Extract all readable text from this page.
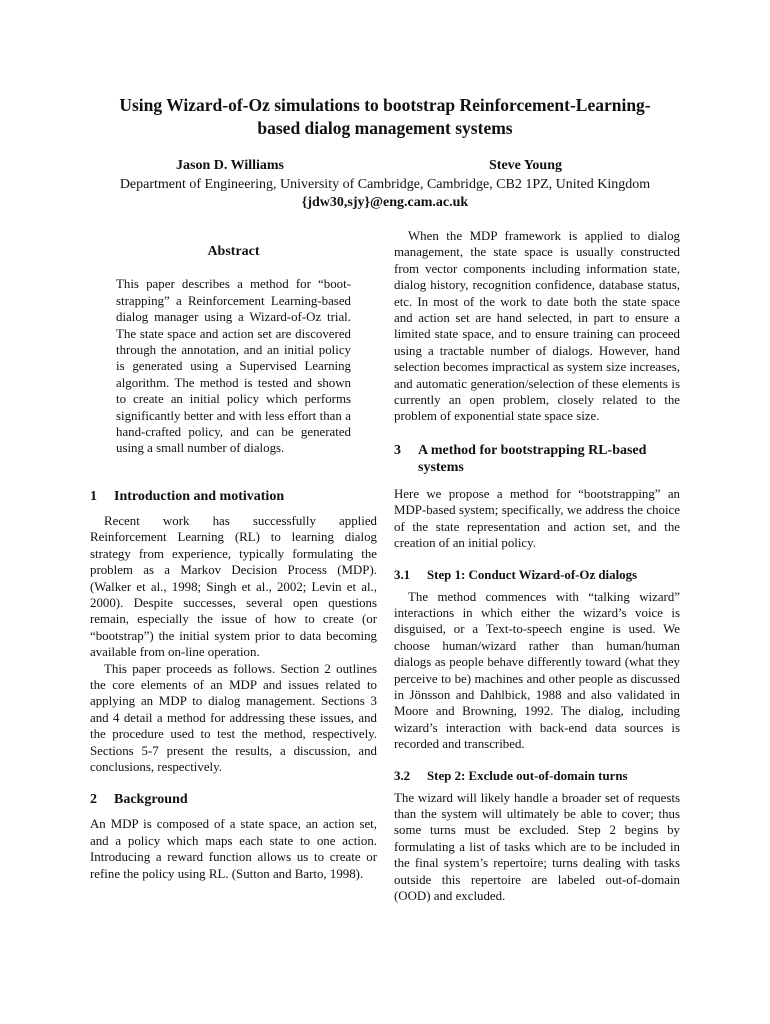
Using Wizard-of-Oz simulations to bootstrap Reinforcement-Learning-
based dialog management systems
Jason D. Williams	Steve Young
Department of Engineering, University of Cambridge, Cambridge, CB2 1PZ, United Kingdom
{jdw30,sjy}@eng.cam.ac.uk

Abstract

This paper describes a method for “boot-strapping” a Reinforcement Learning-based dialog manager using a Wizard-of-Oz trial. The state space and action set are discovered through the annotation, and an initial policy is generated using a Supervised Learning algorithm. The method is tested and shown to create an initial policy which performs significantly better and with less effort than a hand-crafted policy, and can be generated using a small number of dialogs.

1 Introduction and motivation

Recent work has successfully applied Reinforcement Learning (RL) to learning dialog strategy from experience, typically formulating the problem as a Markov Decision Process (MDP). (Walker et al., 1998; Singh et al., 2002; Levin et al., 2000). Despite successes, several open questions remain, especially the issue of how to create (or “bootstrap”) the initial system prior to data becoming available from on-line operation.

This paper proceeds as follows. Section 2 outlines the core elements of an MDP and issues related to applying an MDP to dialog management. Sections 3 and 4 detail a method for addressing these issues, and the procedure used to test the method, respectively. Sections 5-7 present the results, a discussion, and conclusions, respectively.

2 Background

An MDP is composed of a state space, an action set, and a policy which maps each state to one action. Introducing a reward function allows us to create or refine the policy using RL. (Sutton and Barto, 1998).

When the MDP framework is applied to dialog management, the state space is usually constructed from vector components including information state, dialog history, recognition confidence, database status, etc. In most of the work to date both the state space and action set are hand selected, in part to ensure a limited state space, and to ensure training can proceed using a tractable number of dialogs. However, hand selection becomes impractical as system size increases, and automatic generation/selection of these elements is currently an open problem, closely related to the problem of exponential state space size.

3 A method for bootstrapping RL-based systems

Here we propose a method for “bootstrapping” an MDP-based system; specifically, we address the choice of the state representation and action set, and the creation of an initial policy.

3.1 Step 1: Conduct Wizard-of-Oz dialogs

The method commences with “talking wizard” interactions in which either the wizard’s voice is disguised, or a Text-to-speech engine is used. We choose human/wizard rather than human/human dialogs as people behave differently toward (what they perceive to be) machines and other people as discussed in Jönsson and Dahlbick, 1988 and also validated in Moore and Browning, 1992. The dialog, including wizard’s interaction with back-end data sources is recorded and transcribed.

3.2 Step 2: Exclude out-of-domain turns

The wizard will likely handle a broader set of requests than the system will ultimately be able to cover; thus some turns must be excluded. Step 2 begins by formulating a list of tasks which are to be included in the final system’s repertoire; turns dealing with tasks outside this repertoire are labeled out-of-domain (OOD) and excluded.
